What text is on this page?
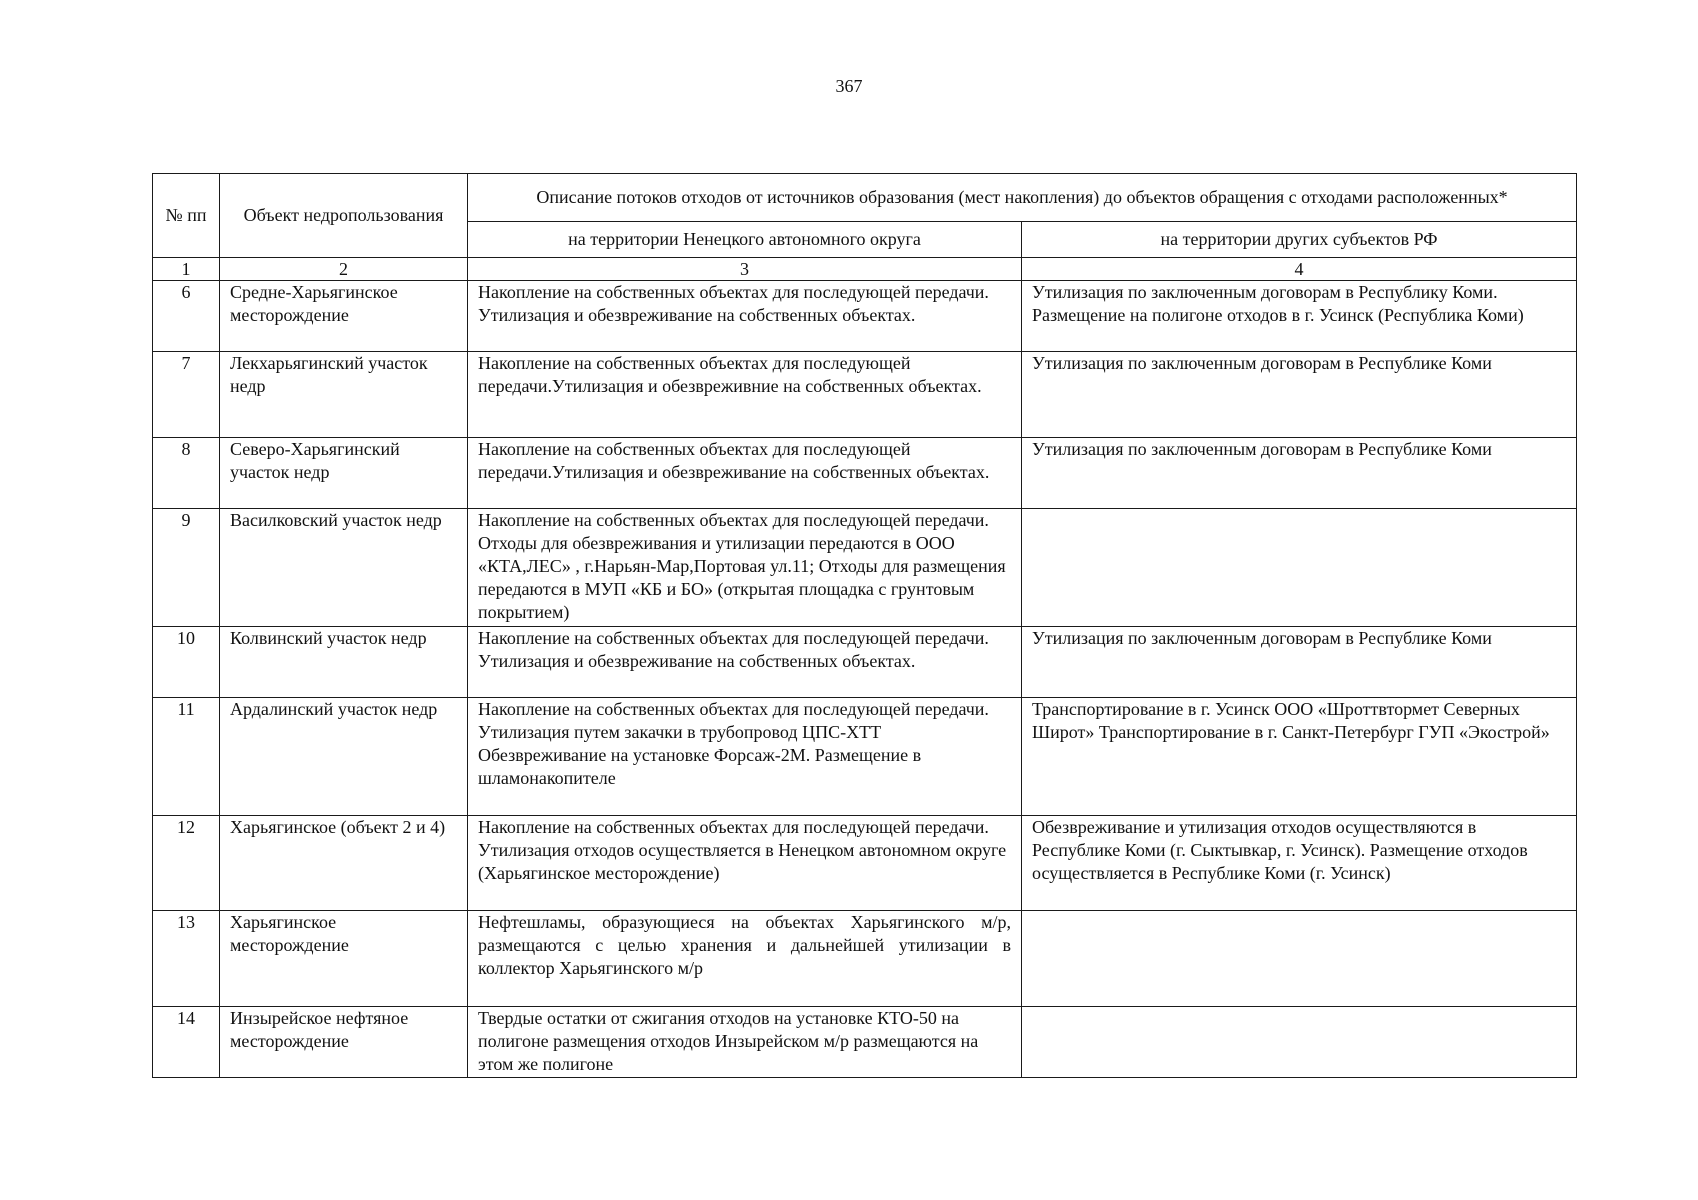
367
№ пп	Объект недропользования	Описание потоков отходов от источников образования (мест накопления) до объектов обращения с отходами расположенных*	
		на территории Ненецкого автономного округа	на территории других субъектов РФ
1	2	3	4
6	Средне-Харьягинское месторождение	Накопление на собственных объектах для последующей передачи. Утилизация и обезвреживание на собственных объектах.	Утилизация по заключенным договорам в Республику Коми. Размещение на полигоне отходов в г. Усинск (Республика Коми)
7	Лекхарьягинский участок недр	Накопление на собственных объектах для последующей передачи.Утилизация и обезвреживние на собственных объектах.	Утилизация по заключенным договорам в Республике Коми
8	Северо-Харьягинский участок недр	Накопление на собственных объектах для последующей передачи.Утилизация и обезвреживание на собственных объектах.	Утилизация по заключенным договорам в Республике Коми
9	Василковский участок недр	Накопление на собственных объектах для последующей передачи. Отходы для обезвреживания и утилизации передаются в ООО «КТА,ЛЕС» , г.Нарьян-Мар,Портовая ул.11; Отходы для размещения передаются в МУП «КБ и БО» (открытая площадка с грунтовым покрытием)	
10	Колвинский участок недр	Накопление на собственных объектах для последующей передачи. Утилизация и обезвреживание на собственных объектах.	Утилизация по заключенным договорам в Республике Коми
11	Ардалинский участок недр	Накопление на собственных объектах для последующей передачи. Утилизация путем закачки в трубопровод ЦПС-ХТТ Обезвреживание на установке Форсаж-2М. Размещение в шламонакопителе	Транспортирование в г. Усинск ООО «Шроттвтормет Северных Широт» Транспортирование в г. Санкт-Петербург ГУП «Экострой»
12	Харьягинское (объект 2 и 4)	Накопление на собственных объектах для последующей передачи. Утилизация отходов осуществляется в Ненецком автономном округе (Харьягинское месторождение)	Обезвреживание и утилизация отходов осуществляются в Республике Коми (г. Сыктывкар, г. Усинск). Размещение отходов осуществляется в Республике Коми (г. Усинск)
13	Харьягинское месторождение	Нефтешламы, образующиеся на объектах Харьягинского м/р, размещаются с целью хранения и дальнейшей утилизации в коллектор Харьягинского м/р	
14	Инзырейское нефтяное месторождение	Твердые остатки от сжигания отходов на установке КТО-50 на полигоне размещения отходов Инзырейском м/р размещаются на этом же полигоне	
